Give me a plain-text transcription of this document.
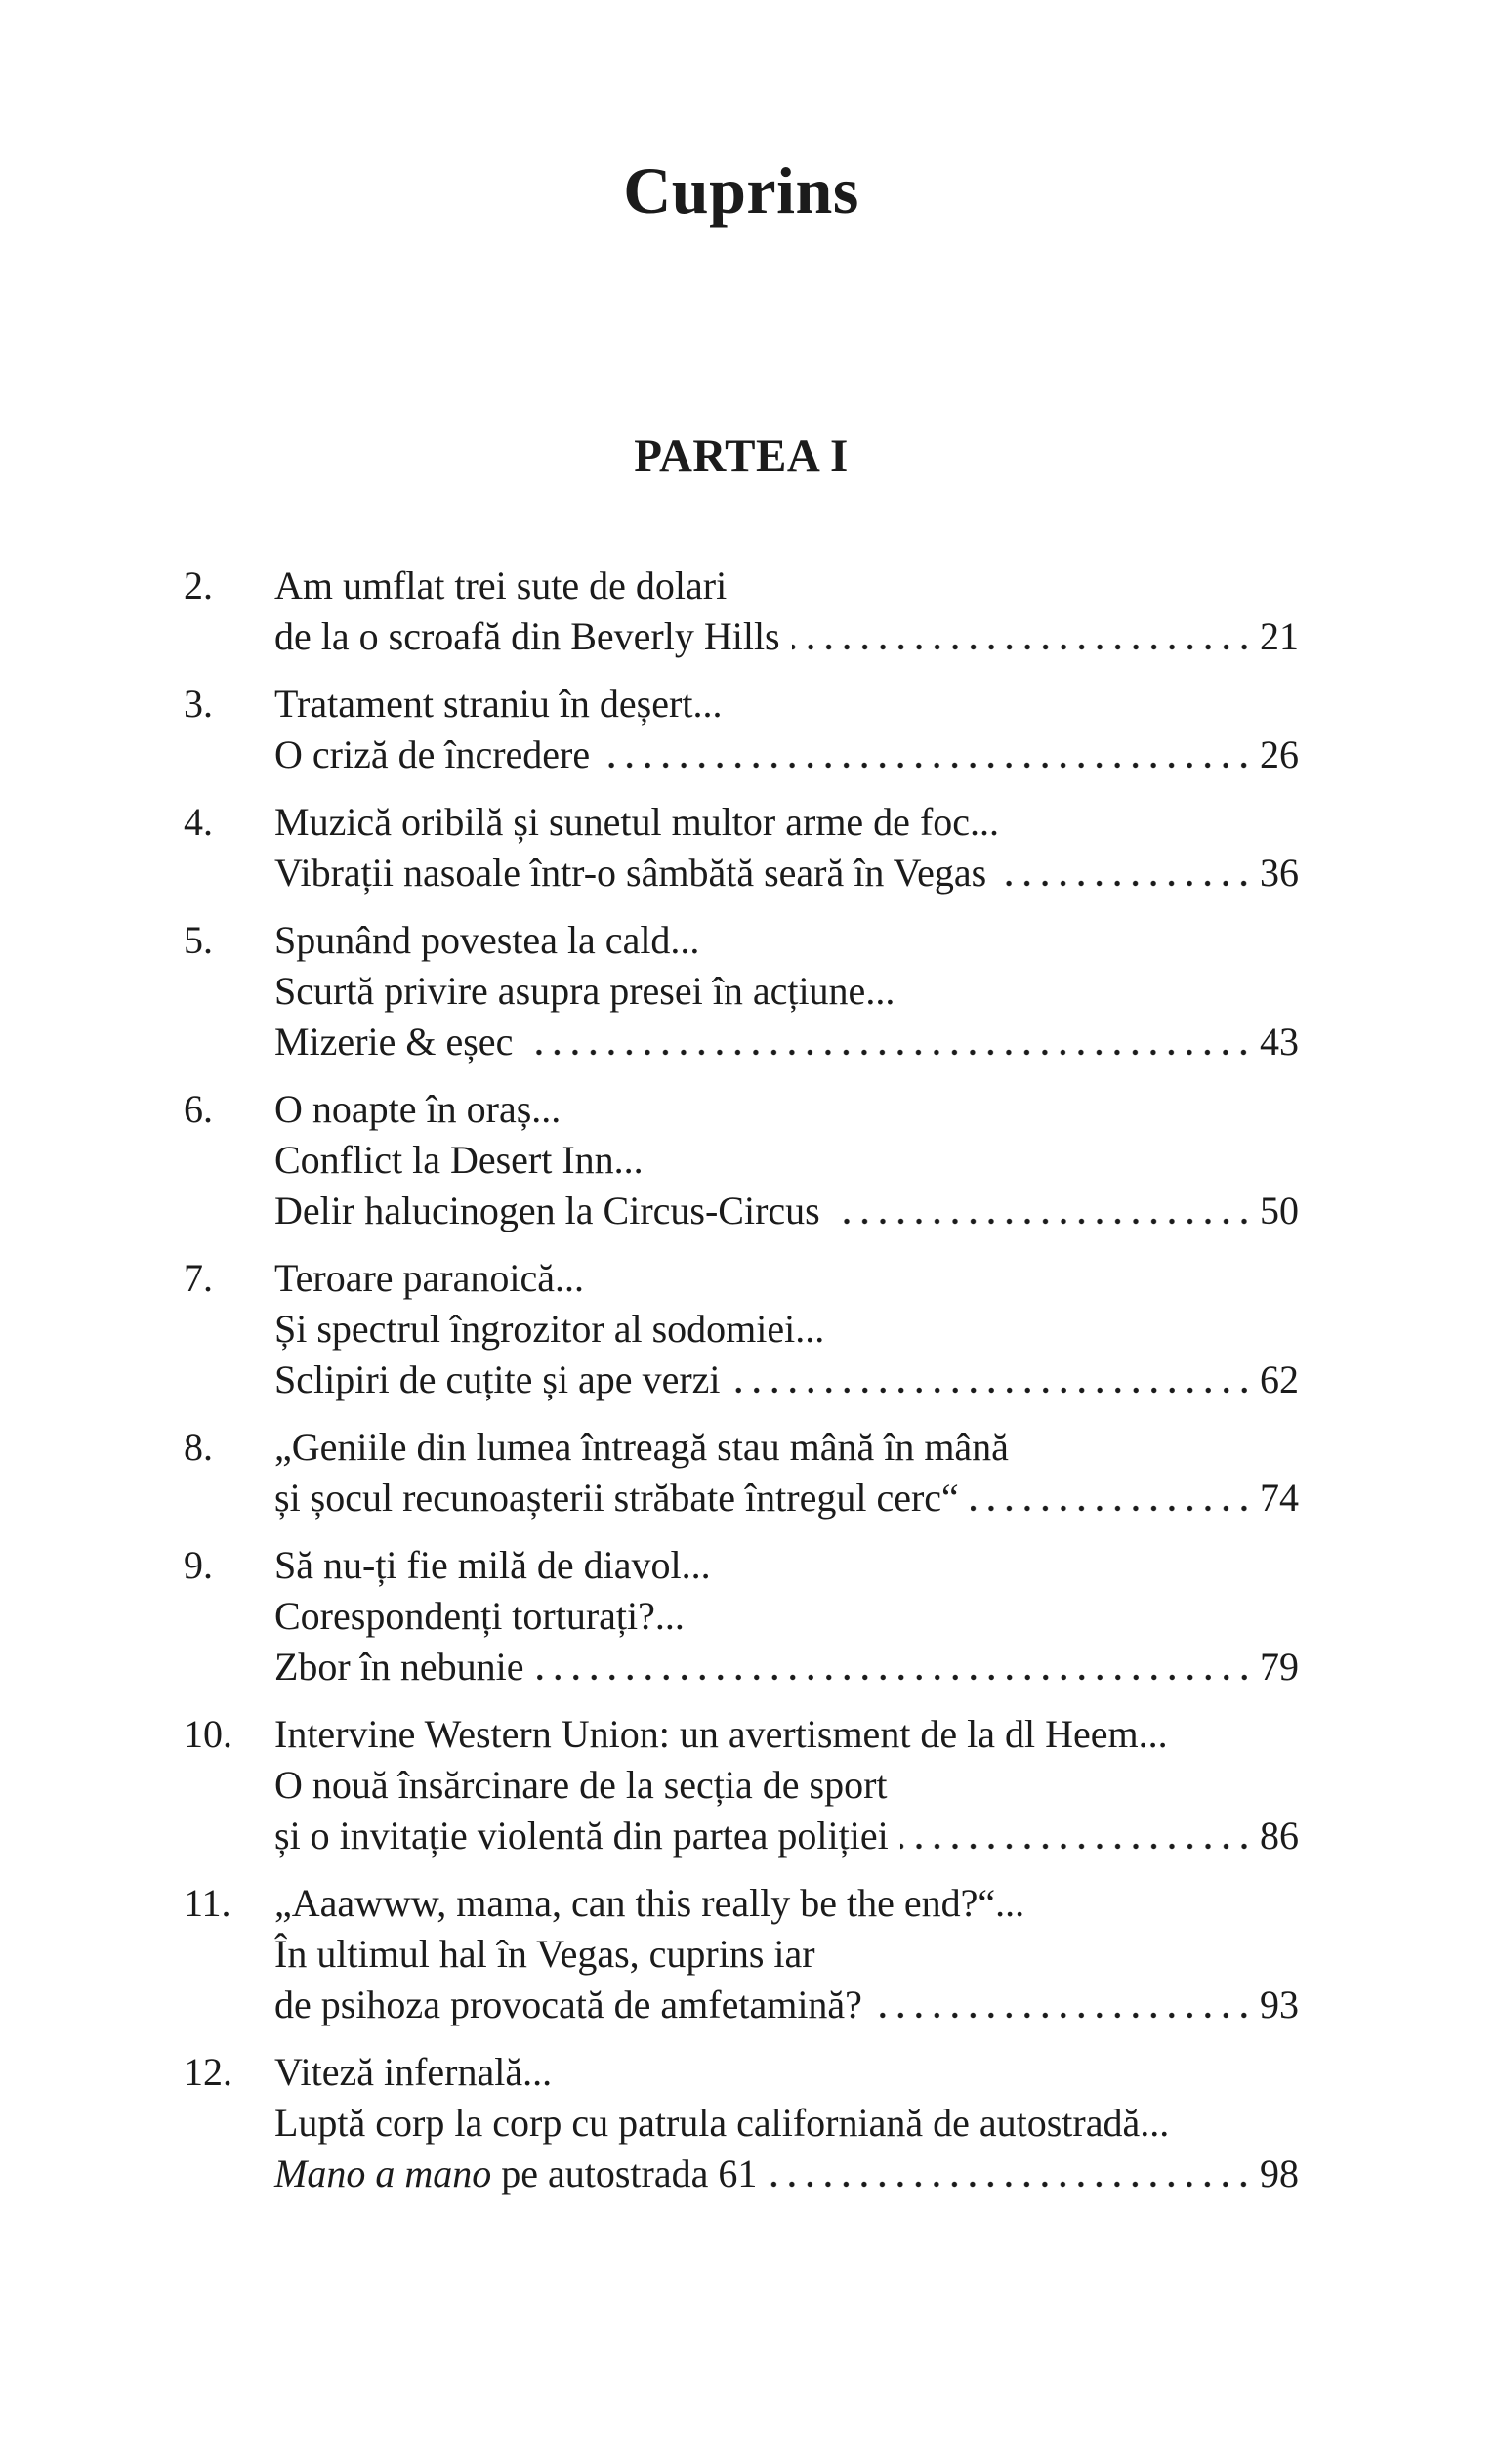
Cuprins
PARTEA I
2.	Am umflat trei sute de dolari
de la o scroafă din Beverly Hills	21
3.	Tratament straniu în deșert...
O criză de încredere	26
4.	Muzică oribilă și sunetul multor arme de foc...
Vibrații nasoale într-o sâmbătă seară în Vegas	36
5.	Spunând povestea la cald...
Scurtă privire asupra presei în acțiune...
Mizerie & eșec	43
6.	O noapte în oraș...
Conflict la Desert Inn...
Delir halucinogen la Circus-Circus	50
7.	Teroare paranoică...
Și spectrul îngrozitor al sodomiei...
Sclipiri de cuțite și ape verzi	62
8.	„Geniile din lumea întreagă stau mână în mână
și șocul recunoașterii străbate întregul cerc“	74
9.	Să nu-ți fie milă de diavol...
Corespondenți torturați?...
Zbor în nebunie	79
10.	Intervine Western Union: un avertisment de la dl Heem...
O nouă însărcinare de la secția de sport
și o invitație violentă din partea poliției	86
11.	„Aaawww, mama, can this really be the end?“...
În ultimul hal în Vegas, cuprins iar
de psihoza provocată de amfetamină?	93
12.	Viteză infernală...
Luptă corp la corp cu patrula californiană de autostradă...
Mano a mano pe autostrada 61	98
